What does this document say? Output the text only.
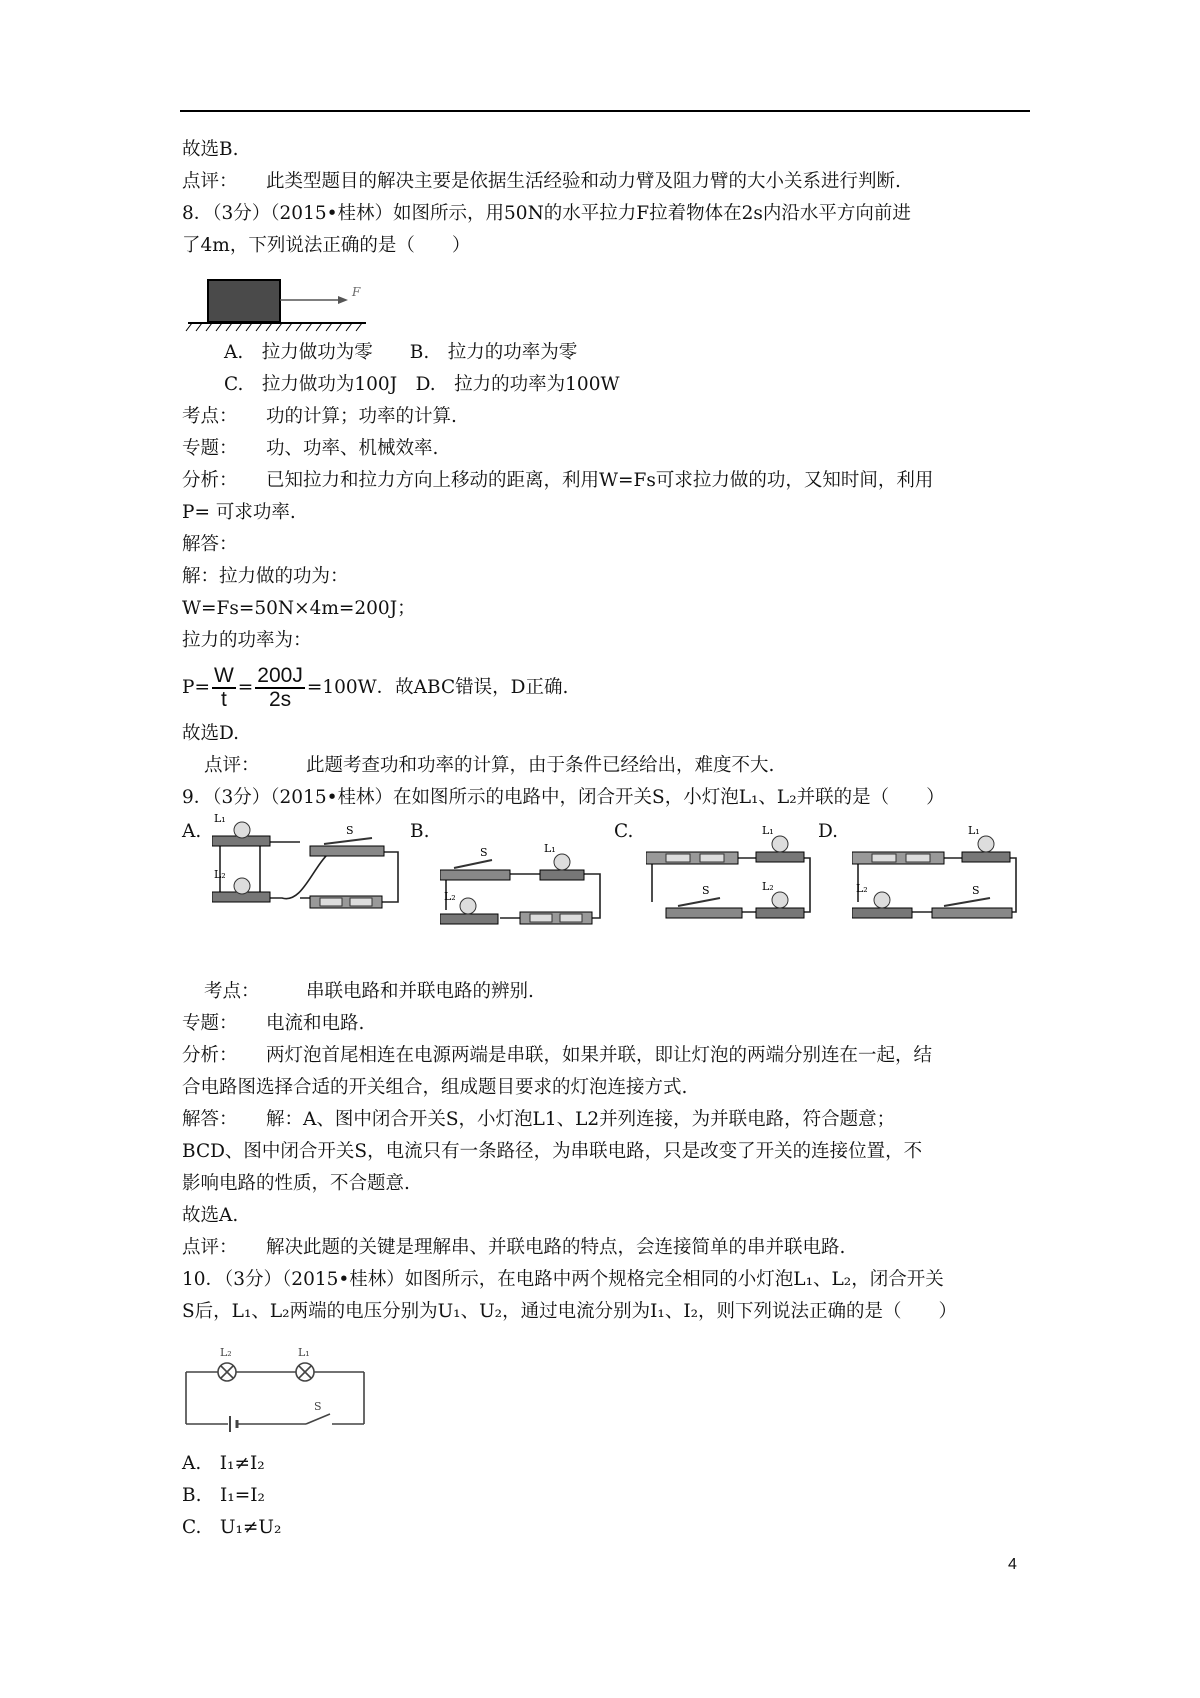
故选B.
点评： 此类型题目的解决主要是依据生活经验和动力臂及阻力臂的大小关系进行判断.
8．（3分）（2015•桂林）如图所示，用50N的水平拉力F拉着物体在2s内沿水平方向前进
了4m，下列说法正确的是（　　）
F
A.　拉力做功为零　　B.　拉力的功率为零
C.　拉力做功为100J　D.　拉力的功率为100W
考点： 功的计算；功率的计算.
专题： 功、功率、机械效率.
分析： 已知拉力和拉力方向上移动的距离，利用W=Fs可求拉力做的功，又知时间，利用
P= 可求功率.
解答：
解：拉力做的功为：
W=Fs=50N×4m=200J；
拉力的功率为：
$P= \frac{W}{t} = \frac{200J}{2s} =100W$．故ABC错误，D正确.
故选D.
点评：	此题考查功和功率的计算，由于条件已经给出，难度不大.
9．（3分）（2015•桂林）在如图所示的电路中，闭合开关S，小灯泡L₁、L₂并联的是（　　）
A.	B.	C.	D.
L₁
L₂
S
S	L₁
L₂
L₁
S	L₂
L₁
L₂	S
考点：	串联电路和并联电路的辨别.
专题： 电流和电路.
分析： 两灯泡首尾相连在电源两端是串联，如果并联，即让灯泡的两端分别连在一起，结
合电路图选择合适的开关组合，组成题目要求的灯泡连接方式.
解答： 解：A、图中闭合开关S，小灯泡L1、L2并列连接，为并联电路，符合题意；
BCD、图中闭合开关S，电流只有一条路径，为串联电路，只是改变了开关的连接位置，不
影响电路的性质，不合题意.
故选A.
点评： 解决此题的关键是理解串、并联电路的特点，会连接简单的串并联电路.
10．（3分）（2015•桂林）如图所示，在电路中两个规格完全相同的小灯泡L₁、L₂，闭合开关
S后，L₁、L₂两端的电压分别为U₁、U₂，通过电流分别为I₁、I₂，则下列说法正确的是（　　）
L₂	L₁
S
A.　I₁≠I₂
B.　I₁=I₂
C.　U₁≠U₂
4
